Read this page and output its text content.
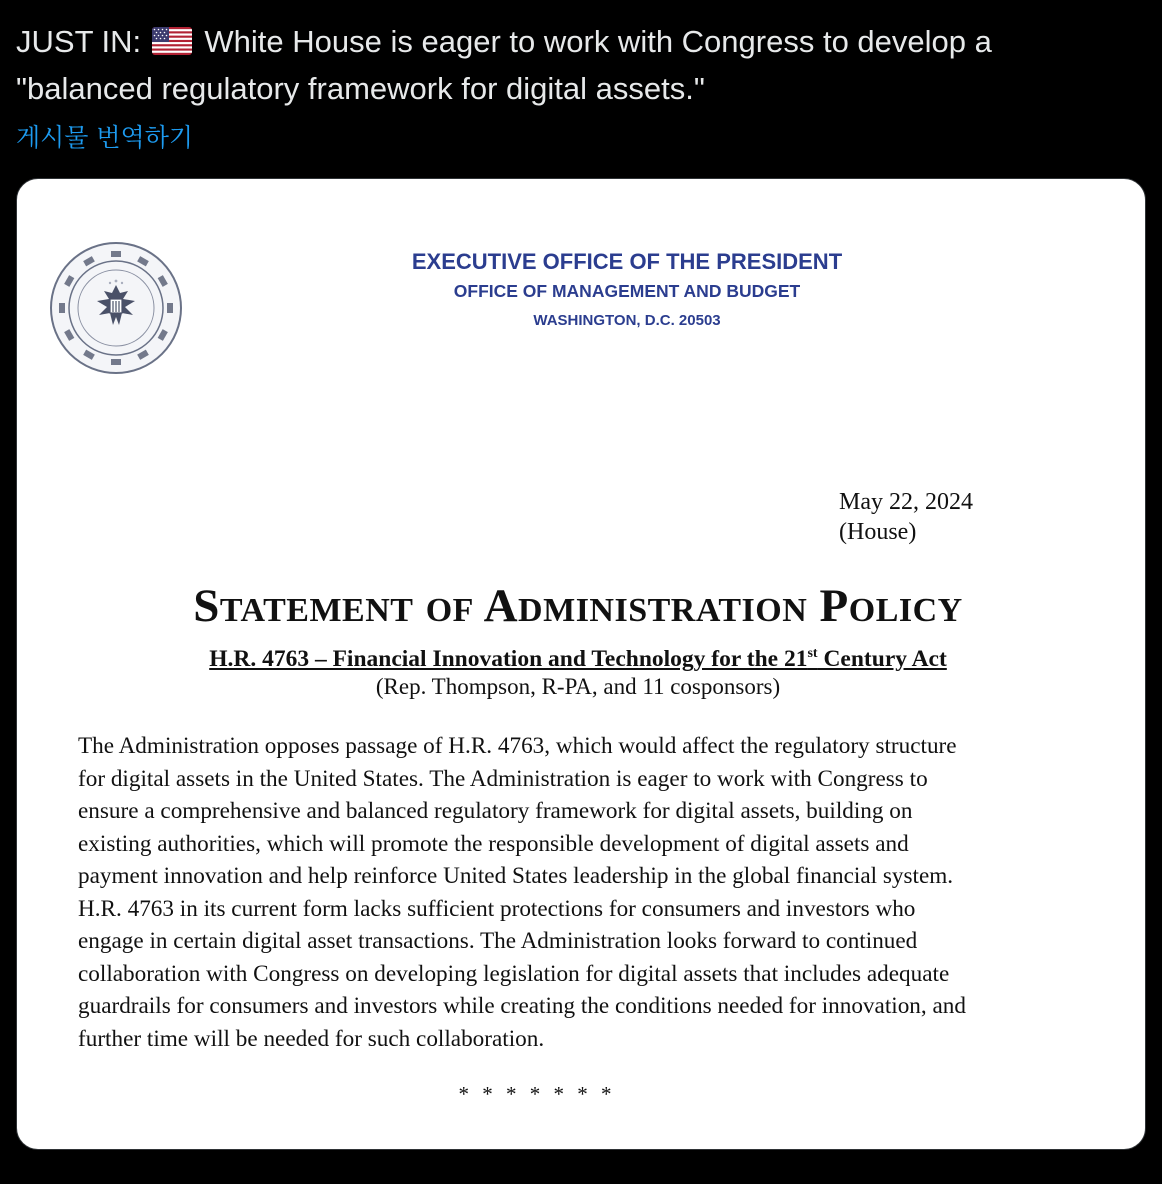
JUST IN: White House is eager to work with Congress to develop a
"balanced regulatory framework for digital assets."
게시물 번역하기
EXECUTIVE OFFICE OF THE PRESIDENT
OFFICE OF MANAGEMENT AND BUDGET
WASHINGTON, D.C. 20503
May 22, 2024
(House)
STATEMENT OF ADMINISTRATION POLICY
H.R. 4763 – Financial Innovation and Technology for the 21st Century Act
(Rep. Thompson, R-PA, and 11 cosponsors)

The Administration opposes passage of H.R. 4763, which would affect the regulatory structure
for digital assets in the United States. The Administration is eager to work with Congress to
ensure a comprehensive and balanced regulatory framework for digital assets, building on
existing authorities, which will promote the responsible development of digital assets and
payment innovation and help reinforce United States leadership in the global financial system.
H.R. 4763 in its current form lacks sufficient protections for consumers and investors who
engage in certain digital asset transactions. The Administration looks forward to continued
collaboration with Congress on developing legislation for digital assets that includes adequate
guardrails for consumers and investors while creating the conditions needed for innovation, and
further time will be needed for such collaboration.

* * * * * * *
